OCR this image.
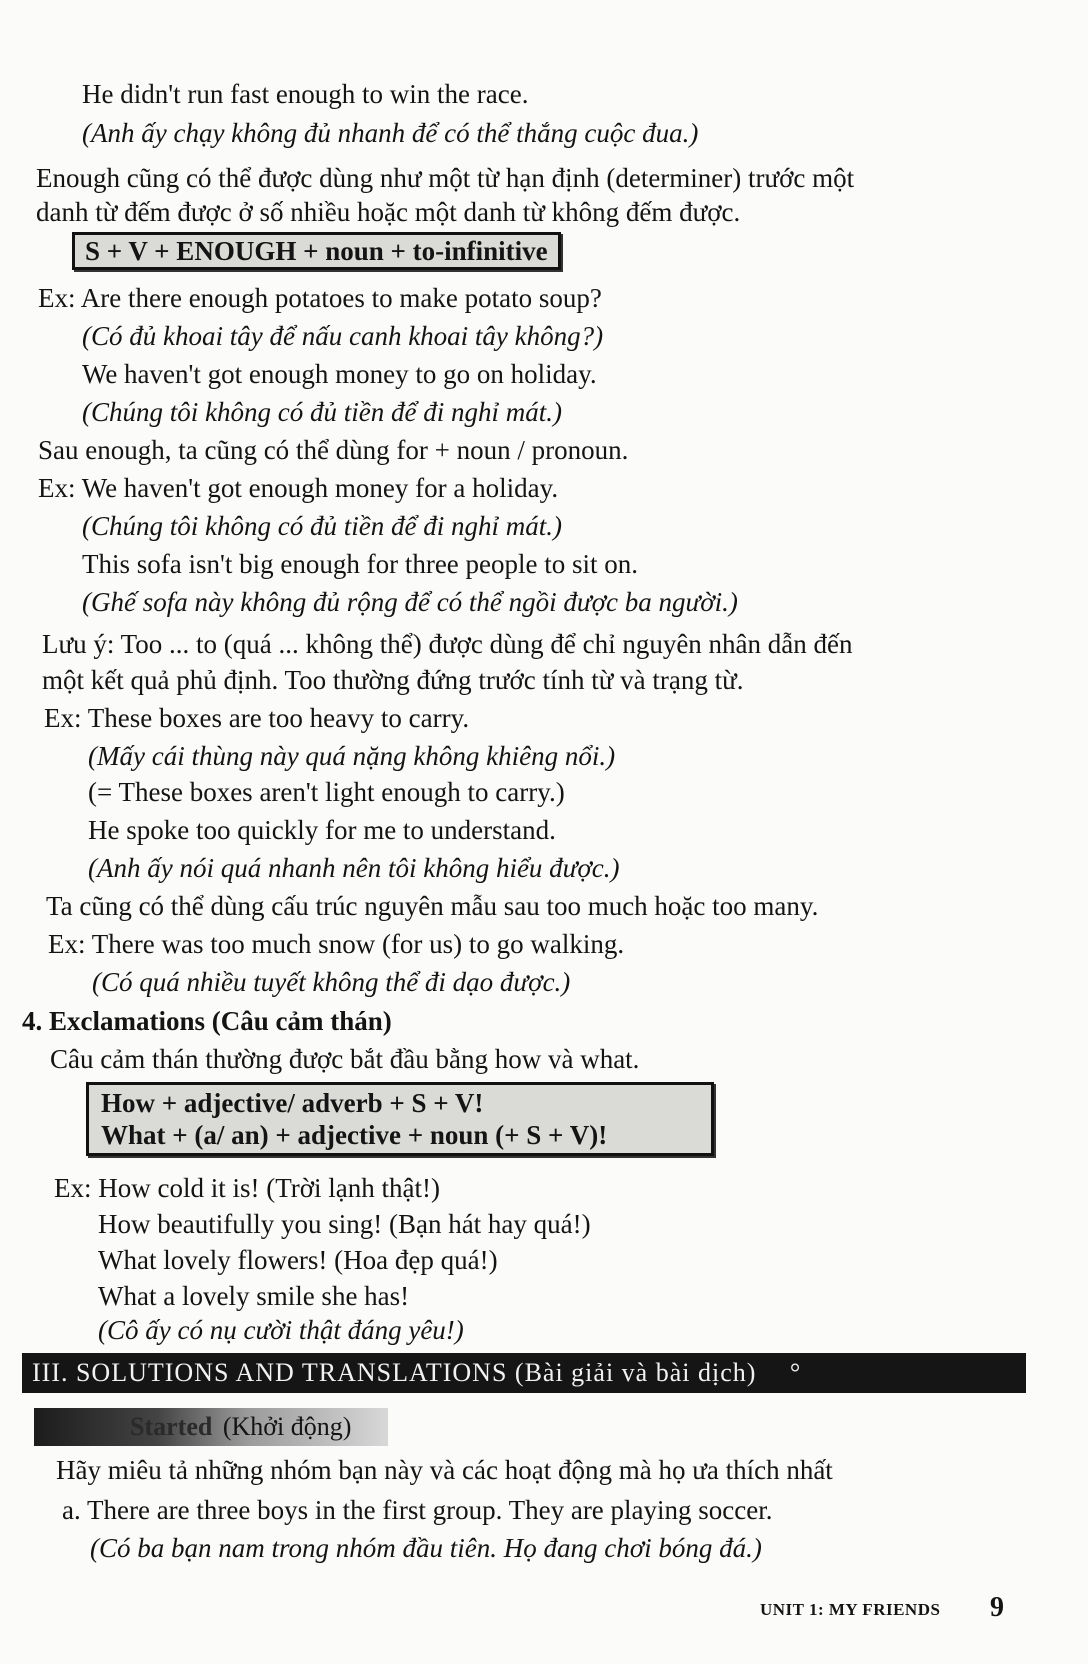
He didn't run fast enough to win the race.
(Anh ấy chạy không đủ nhanh để có thể thắng cuộc đua.)
Enough cũng có thể được dùng như một từ hạn định (determiner) trước một
danh từ đếm được ở số nhiều hoặc một danh từ không đếm được.
S + V + ENOUGH + noun + to-infinitive
Ex: Are there enough potatoes to make potato soup?
(Có đủ khoai tây để nấu canh khoai tây không?)
We haven't got enough money to go on holiday.
(Chúng tôi không có đủ tiền để đi nghỉ mát.)
Sau enough, ta cũng có thể dùng for + noun / pronoun.
Ex: We haven't got enough money for a holiday.
(Chúng tôi không có đủ tiền để đi nghỉ mát.)
This sofa isn't big enough for three people to sit on.
(Ghế sofa này không đủ rộng để có thể ngồi được ba người.)
Lưu ý: Too ... to (quá ... không thể) được dùng để chỉ nguyên nhân dẫn đến
một kết quả phủ định. Too thường đứng trước tính từ và trạng từ.
Ex: These boxes are too heavy to carry.
(Mấy cái thùng này quá nặng không khiêng nổi.)
(= These boxes aren't light enough to carry.)
He spoke too quickly for me to understand.
(Anh ấy nói quá nhanh nên tôi không hiểu được.)
Ta cũng có thể dùng cấu trúc nguyên mẫu sau too much hoặc too many.
Ex: There was too much snow (for us) to go walking.
(Có quá nhiều tuyết không thể đi dạo được.)
4. Exclamations (Câu cảm thán)
Câu cảm thán thường được bắt đầu bằng how và what.
How + adjective/ adverb + S + V!
What + (a/ an) + adjective + noun (+ S + V)!
Ex: How cold it is! (Trời lạnh thật!)
How beautifully you sing! (Bạn hát hay quá!)
What lovely flowers! (Hoa đẹp quá!)
What a lovely smile she has!
(Cô ấy có nụ cười thật đáng yêu!)
III. SOLUTIONS AND TRANSLATIONS (Bài giải và bài dịch) °
Started (Khởi động)
Hãy miêu tả những nhóm bạn này và các hoạt động mà họ ưa thích nhất
a. There are three boys in the first group. They are playing soccer.
(Có ba bạn nam trong nhóm đầu tiên. Họ đang chơi bóng đá.)
UNIT 1: MY FRIENDS 9
